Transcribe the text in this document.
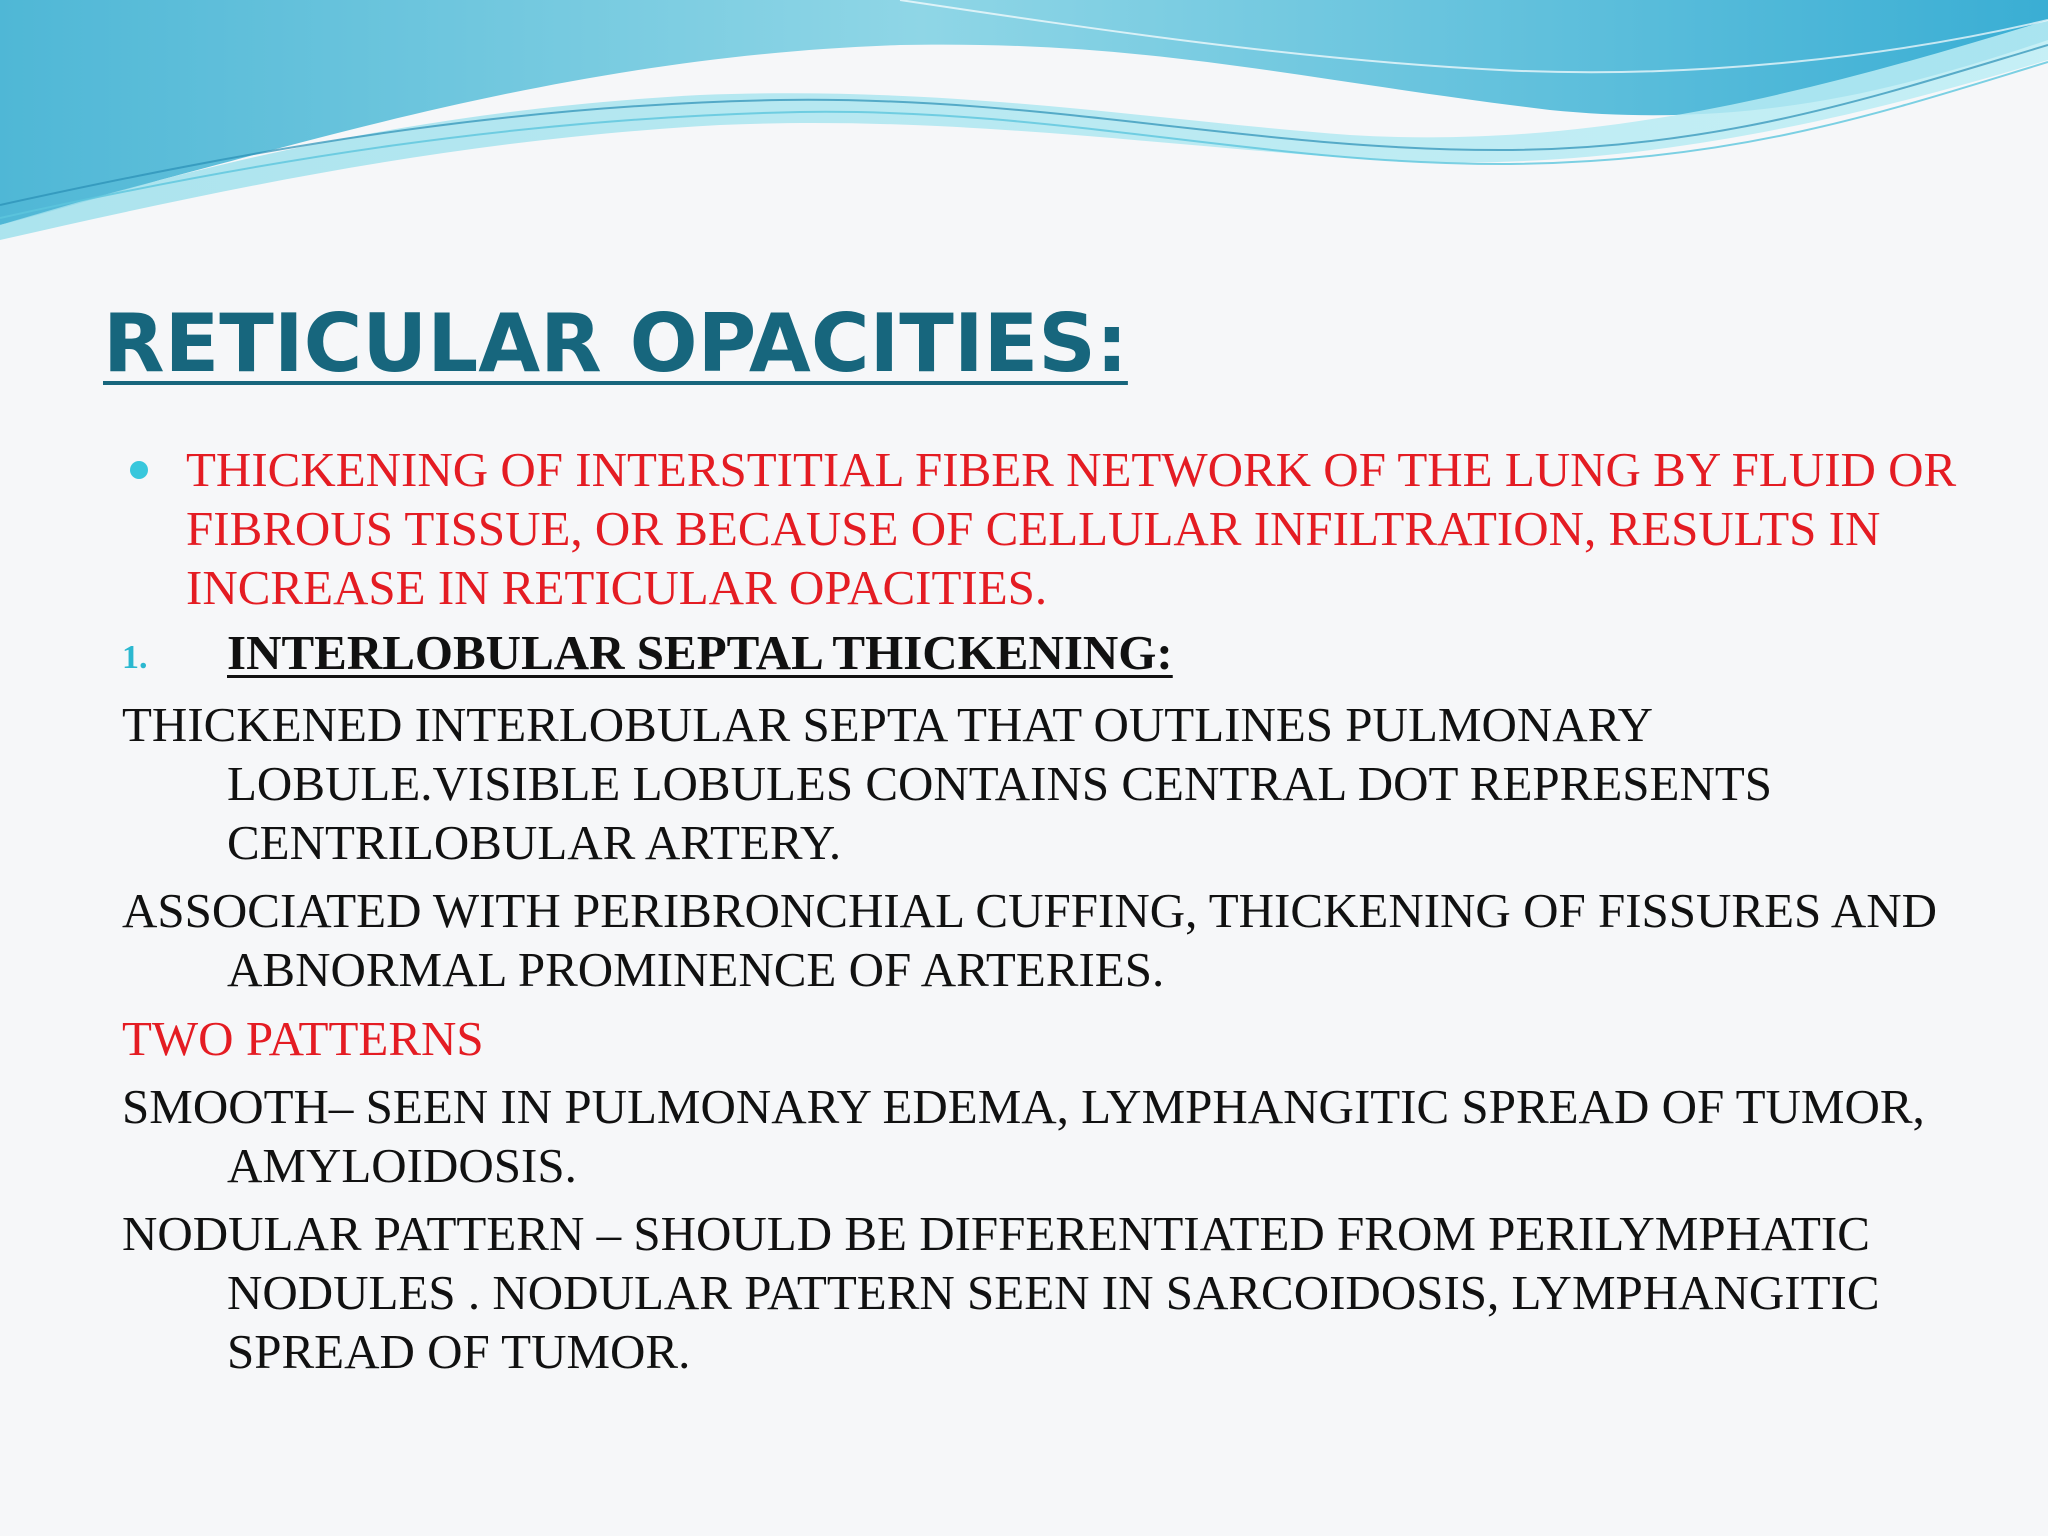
RETICULAR OPACITIES:
THICKENING OF INTERSTITIAL FIBER NETWORK OF THE LUNG BY FLUID OR FIBROUS TISSUE, OR BECAUSE OF CELLULAR INFILTRATION, RESULTS IN INCREASE IN RETICULAR OPACITIES.
1. INTERLOBULAR SEPTAL THICKENING:
THICKENED INTERLOBULAR SEPTA THAT OUTLINES PULMONARY LOBULE.VISIBLE LOBULES CONTAINS CENTRAL DOT REPRESENTS CENTRILOBULAR ARTERY.
ASSOCIATED WITH PERIBRONCHIAL CUFFING, THICKENING OF FISSURES AND ABNORMAL PROMINENCE OF ARTERIES.
TWO PATTERNS
SMOOTH– SEEN IN PULMONARY EDEMA, LYMPHANGITIC SPREAD OF TUMOR, AMYLOIDOSIS.
NODULAR PATTERN – SHOULD BE DIFFERENTIATED FROM PERILYMPHATIC NODULES . NODULAR PATTERN SEEN IN SARCOIDOSIS, LYMPHANGITIC SPREAD OF TUMOR.
